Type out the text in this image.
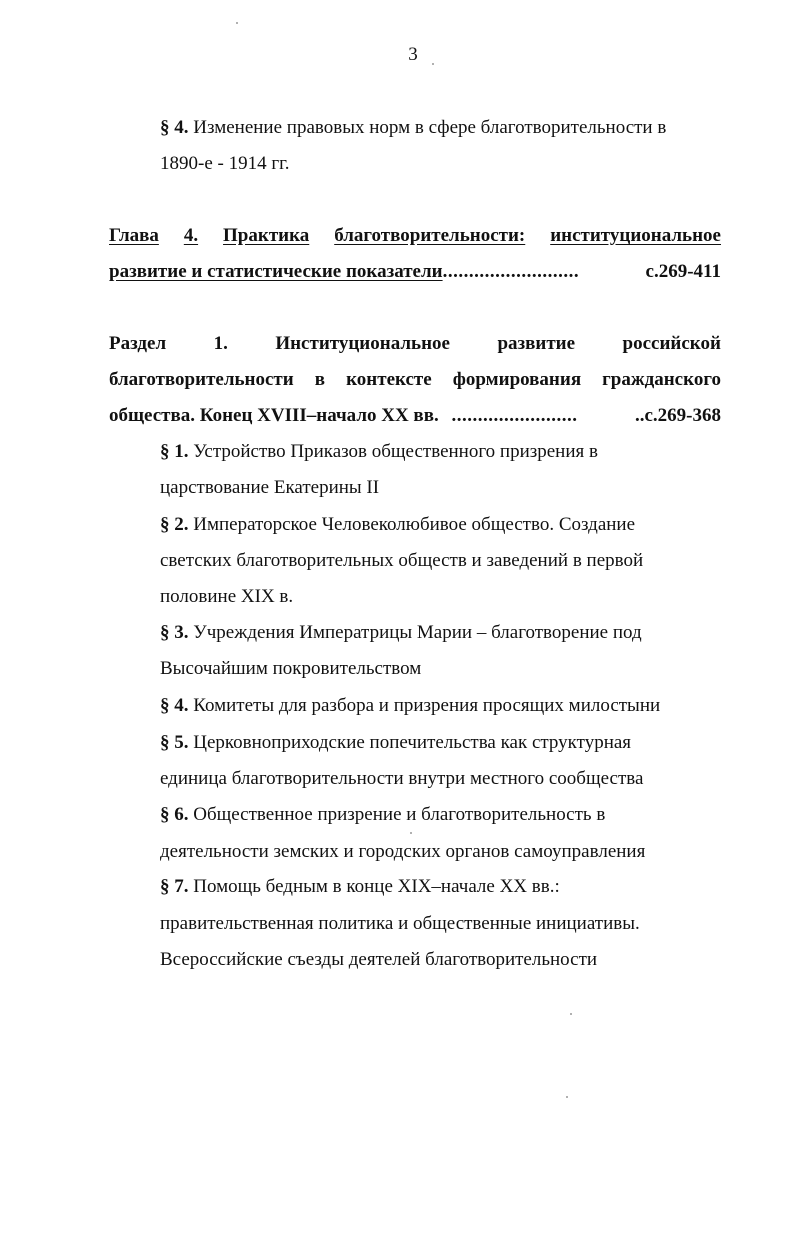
3
§ 4. Изменение правовых норм в сфере благотворительности в
1890-е - 1914 гг.
Глава 4. Практика благотворительности: институциональное
развитие и статистические показатели..........................	с.269-411
Раздел 1. Институциональное развитие российской
благотворительности в контексте формирования гражданского
общества. Конец XVIII–начало XX вв. ........................	..с.269-368
§ 1. Устройство Приказов общественного призрения в
царствование Екатерины II
§ 2. Императорское Человеколюбивое общество. Создание
светских благотворительных обществ и заведений в первой
половине XIX в.
§ 3. Учреждения Императрицы Марии – благотворение под
Высочайшим покровительством
§ 4. Комитеты для разбора и призрения просящих милостыни
§ 5. Церковноприходские попечительства как структурная
единица благотворительности внутри местного сообщества
§ 6. Общественное призрение и благотворительность в
деятельности земских и городских органов самоуправления
§ 7. Помощь бедным в конце XIX–начале XX вв.:
правительственная политика и общественные инициативы.
Всероссийские съезды деятелей благотворительности
